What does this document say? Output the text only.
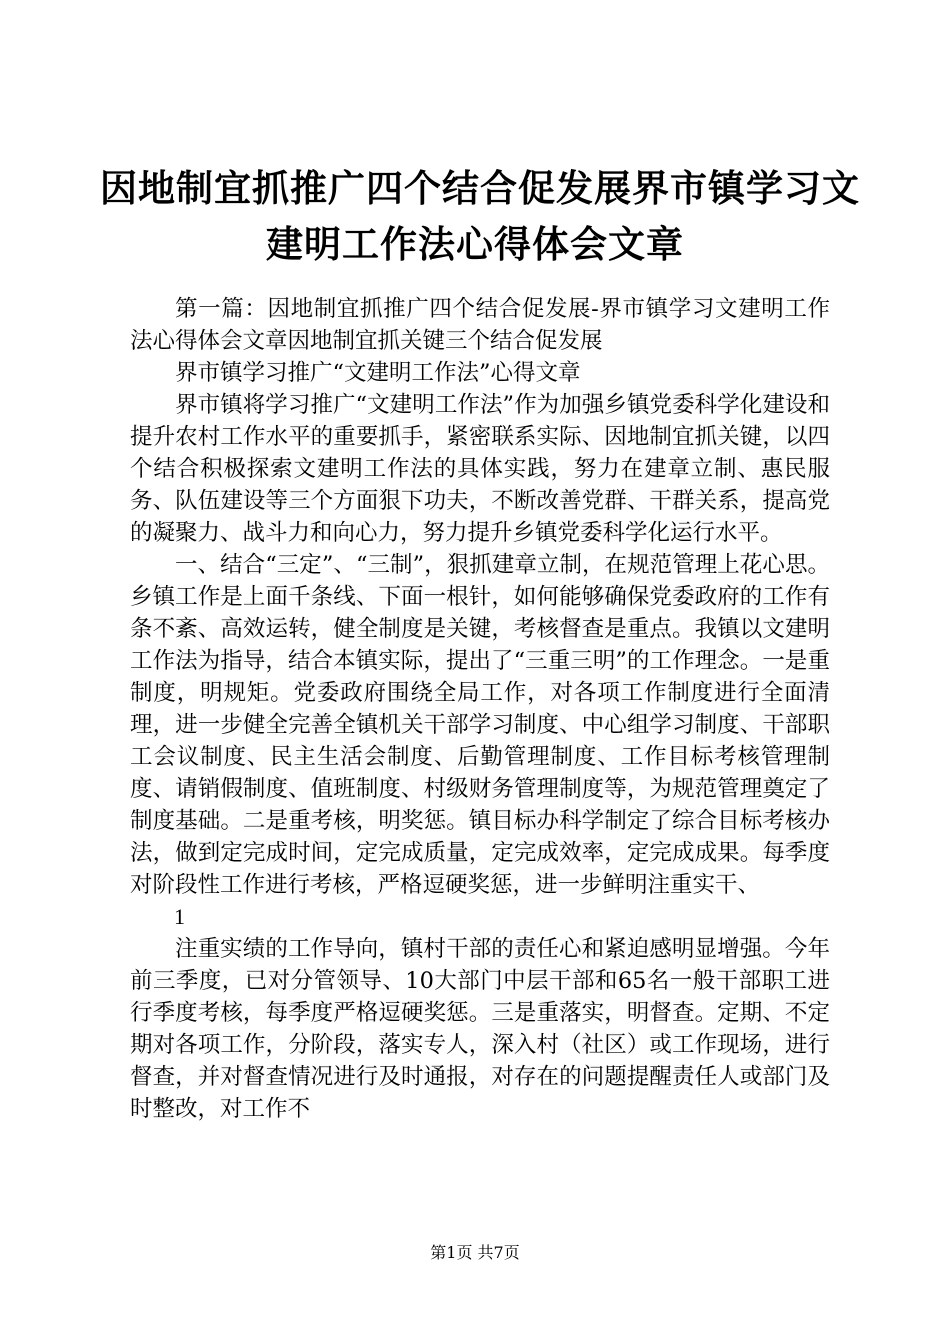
因地制宜抓推广四个结合促发展界市镇学习文
建明工作法心得体会文章

第一篇：因地制宜抓推广四个结合促发展-界市镇学习文建明工作法心得体会文章因地制宜抓关键三个结合促发展

界市镇学习推广“文建明工作法”心得文章

界市镇将学习推广“文建明工作法”作为加强乡镇党委科学化建设和提升农村工作水平的重要抓手，紧密联系实际、因地制宜抓关键，以四个结合积极探索文建明工作法的具体实践，努力在建章立制、惠民服务、队伍建设等三个方面狠下功夫，不断改善党群、干群关系，提高党的凝聚力、战斗力和向心力，努力提升乡镇党委科学化运行水平。

一、结合“三定”、“三制”，狠抓建章立制，在规范管理上花心思。乡镇工作是上面千条线、下面一根针，如何能够确保党委政府的工作有条不紊、高效运转，健全制度是关键，考核督查是重点。我镇以文建明工作法为指导，结合本镇实际，提出了“三重三明”的工作理念。一是重制度，明规矩。党委政府围绕全局工作，对各项工作制度进行全面清理，进一步健全完善全镇机关干部学习制度、中心组学习制度、干部职工会议制度、民主生活会制度、后勤管理制度、工作目标考核管理制度、请销假制度、值班制度、村级财务管理制度等，为规范管理奠定了制度基础。二是重考核，明奖惩。镇目标办科学制定了综合目标考核办法，做到定完成时间，定完成质量，定完成效率，定完成成果。每季度对阶段性工作进行考核，严格逗硬奖惩，进一步鲜明注重实干、

1

注重实绩的工作导向，镇村干部的责任心和紧迫感明显增强。今年前三季度，已对分管领导、10大部门中层干部和65名一般干部职工进行季度考核，每季度严格逗硬奖惩。三是重落实，明督查。定期、不定期对各项工作，分阶段，落实专人，深入村（社区）或工作现场，进行督查，并对督查情况进行及时通报，对存在的问题提醒责任人或部门及时整改，对工作不

第1页 共7页
